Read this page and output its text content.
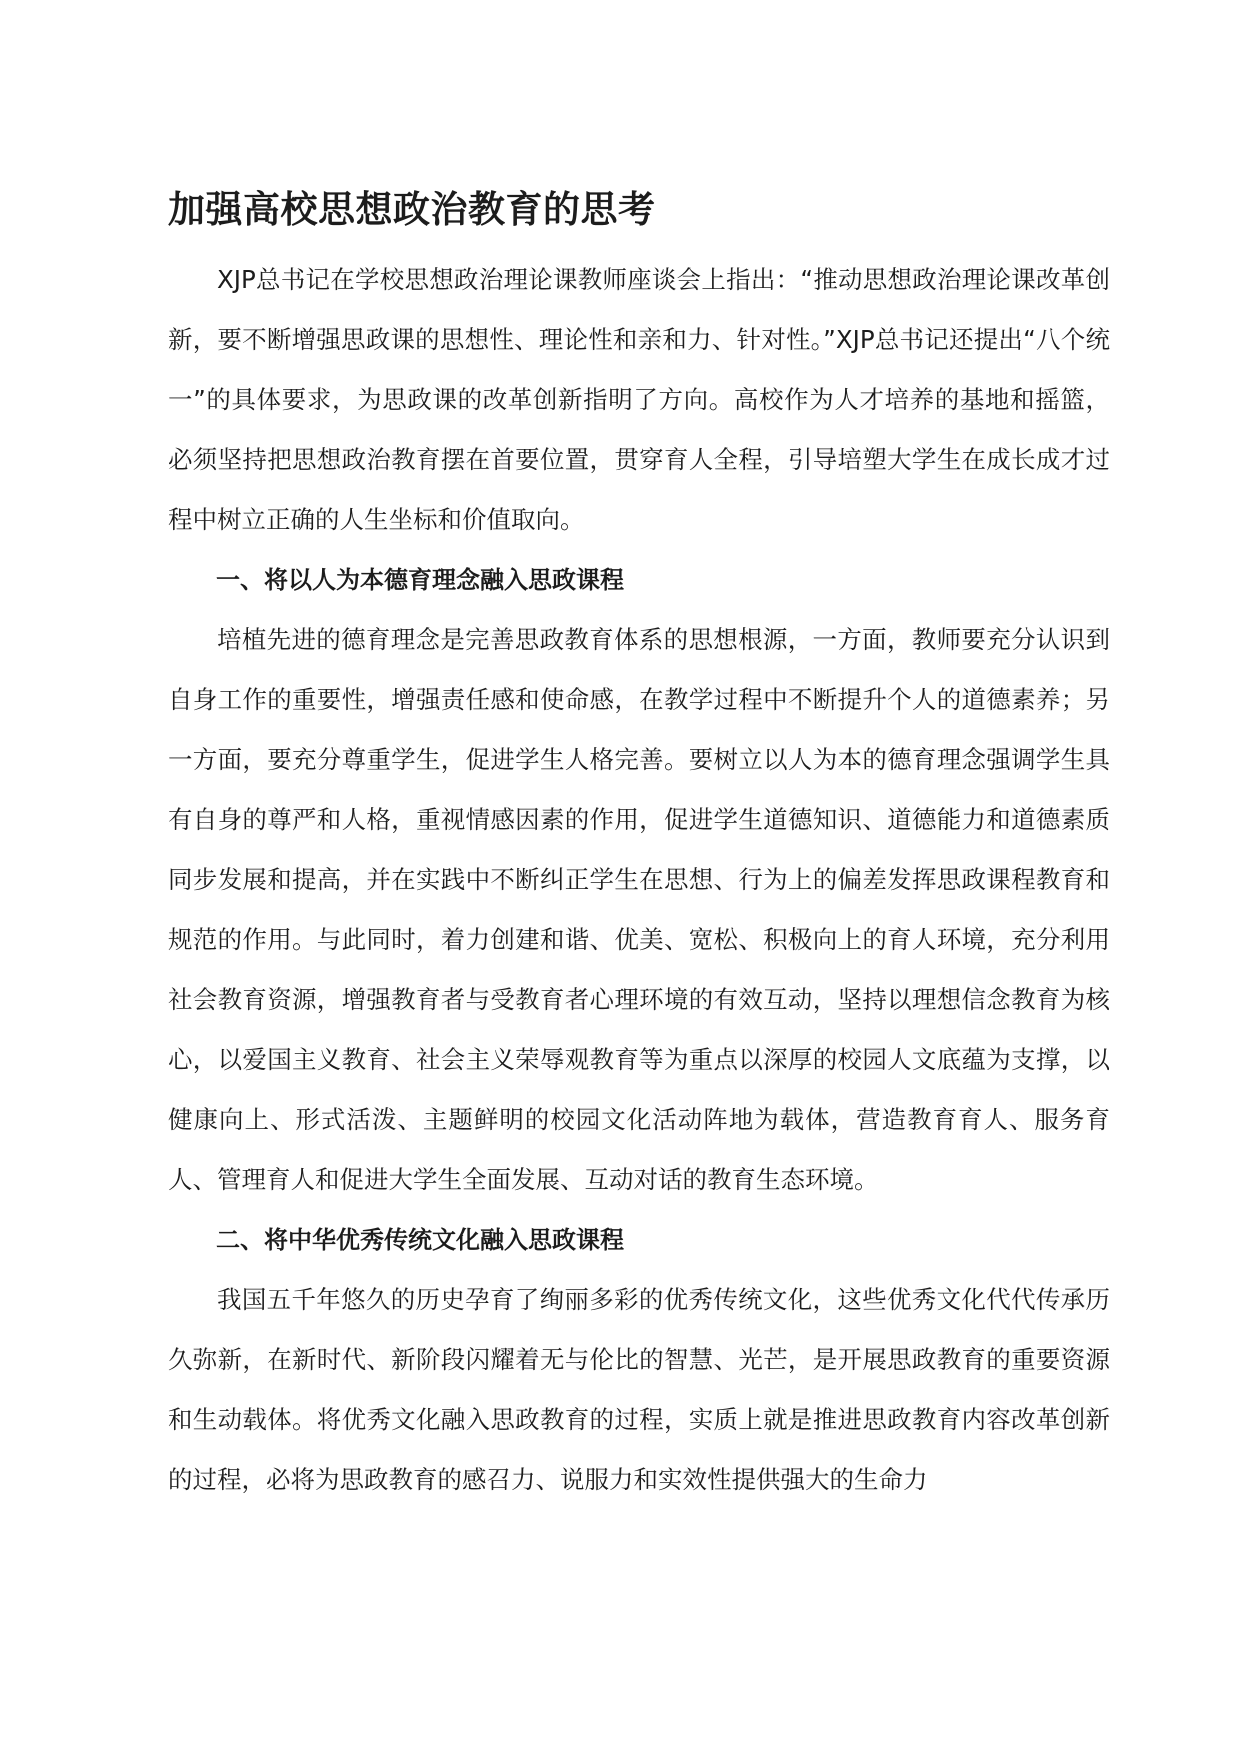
加强高校思想政治教育的思考

XJP总书记在学校思想政治理论课教师座谈会上指出：“推动思想政治理论课改革创新，要不断增强思政课的思想性、理论性和亲和力、针对性。”XJP总书记还提出“八个统一”的具体要求，为思政课的改革创新指明了方向。高校作为人才培养的基地和摇篮，必须坚持把思想政治教育摆在首要位置，贯穿育人全程，引导培塑大学生在成长成才过程中树立正确的人生坐标和价值取向。

一、将以人为本德育理念融入思政课程

培植先进的德育理念是完善思政教育体系的思想根源，一方面，教师要充分认识到自身工作的重要性，增强责任感和使命感，在教学过程中不断提升个人的道德素养；另一方面，要充分尊重学生，促进学生人格完善。要树立以人为本的德育理念强调学生具有自身的尊严和人格，重视情感因素的作用，促进学生道德知识、道德能力和道德素质同步发展和提高，并在实践中不断纠正学生在思想、行为上的偏差发挥思政课程教育和规范的作用。与此同时，着力创建和谐、优美、宽松、积极向上的育人环境，充分利用社会教育资源，增强教育者与受教育者心理环境的有效互动，坚持以理想信念教育为核心，以爱国主义教育、社会主义荣辱观教育等为重点以深厚的校园人文底蕴为支撑，以健康向上、形式活泼、主题鲜明的校园文化活动阵地为载体，营造教育育人、服务育人、管理育人和促进大学生全面发展、互动对话的教育生态环境。

二、将中华优秀传统文化融入思政课程

我国五千年悠久的历史孕育了绚丽多彩的优秀传统文化，这些优秀文化代代传承历久弥新，在新时代、新阶段闪耀着无与伦比的智慧、光芒，是开展思政教育的重要资源和生动载体。将优秀文化融入思政教育的过程，实质上就是推进思政教育内容改革创新的过程，必将为思政教育的感召力、说服力和实效性提供强大的生命力
